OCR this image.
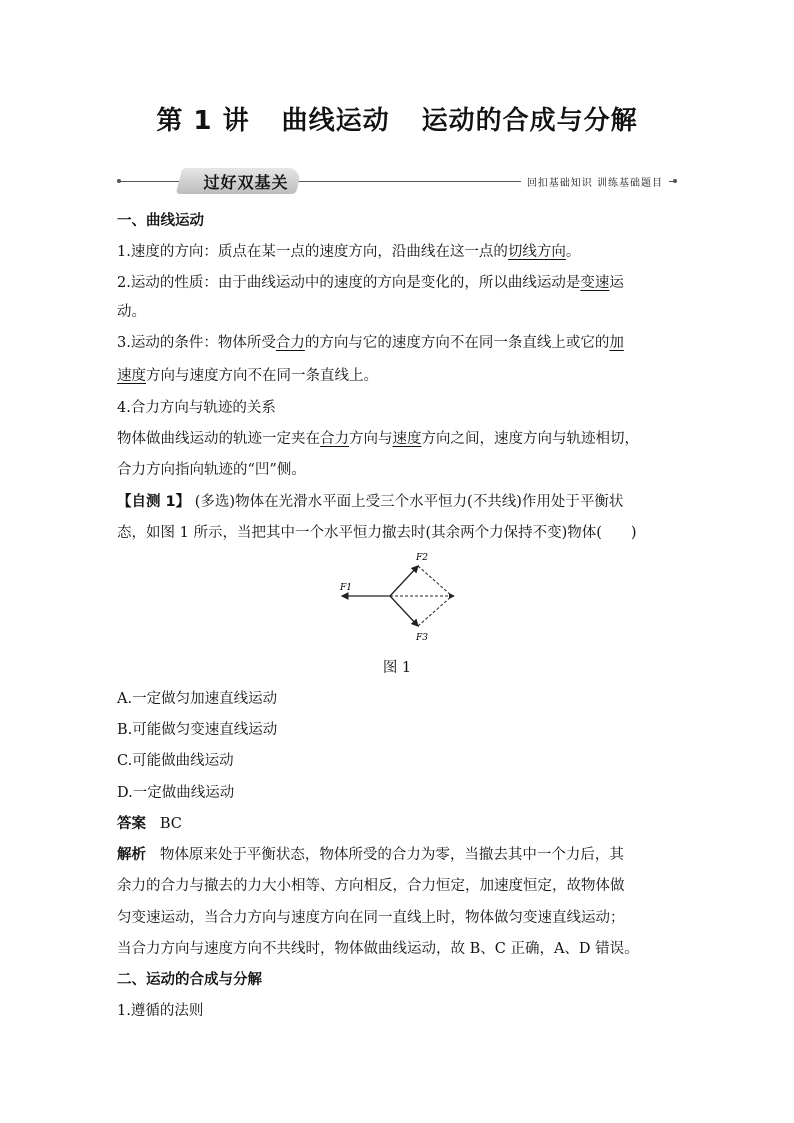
第 1 讲 曲线运动 运动的合成与分解
过好双基关	回扣基础知识 训练基础题目
一、曲线运动
1.速度的方向：质点在某一点的速度方向，沿曲线在这一点的切线方向。
2.运动的性质：由于曲线运动中的速度的方向是变化的，所以曲线运动是变速运
动。
3.运动的条件：物体所受合力的方向与它的速度方向不在同一条直线上或它的加
速度方向与速度方向不在同一条直线上。
4.合力方向与轨迹的关系
物体做曲线运动的轨迹一定夹在合力方向与速度方向之间，速度方向与轨迹相切，
合力方向指向轨迹的“凹”侧。
【自测 1】 (多选)物体在光滑水平面上受三个水平恒力(不共线)作用处于平衡状
态，如图 1 所示，当把其中一个水平恒力撤去时(其余两个力保持不变)物体(　　)
F1
F2
F3
图 1
A.一定做匀加速直线运动
B.可能做匀变速直线运动
C.可能做曲线运动
D.一定做曲线运动
答案 BC
解析 物体原来处于平衡状态，物体所受的合力为零，当撤去其中一个力后，其
余力的合力与撤去的力大小相等、方向相反，合力恒定，加速度恒定，故物体做
匀变速运动，当合力方向与速度方向在同一直线上时，物体做匀变速直线运动；
当合力方向与速度方向不共线时，物体做曲线运动，故 B、C 正确，A、D 错误。
二、运动的合成与分解
1.遵循的法则
